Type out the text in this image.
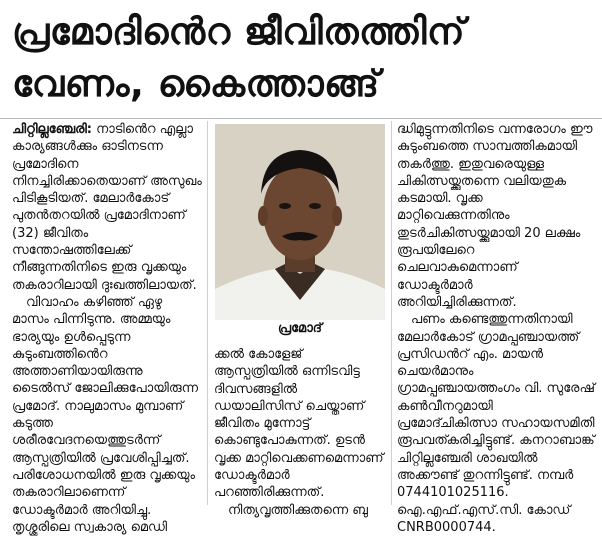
പ്രമോദിൻെറ ജീവിതത്തിന്
വേണം, കൈത്താങ്ങ്

ചിറ്റില്ലഞ്ചേരി: നാടിൻെറ എല്ലാ കാര്യങ്ങൾക്കും ഓടിനടന്ന പ്രമോദിനെ നിനച്ചിരിക്കാതെയാണ് അസുഖം പിടികൂടിയത്. മേലാർകോട് പുതൻതറയിൽ പ്രമോദിനാണ് (32) ജീവിതം സന്തോഷത്തിലേക്ക് നീങ്ങുന്നതിനിടെ ഇരു വൃക്കയും തകരാറിലായി ദുഃഖത്തിലായത്.

വിവാഹം കഴിഞ്ഞ് ഏഴു മാസം പിന്നിടുന്നു. അമ്മയും ഭാര്യയും ഉൾപ്പെടുന്ന കുടുംബത്തിൻെറ അത്താണിയായിരുന്നു ടൈൽസ് ജോലിക്കുപോയിരുന്ന പ്രമോദ്. നാലുമാസം മുമ്പാണ് കടുത്ത ശരീരവേദനയെത്തുടർന്ന് ആസ്പത്രിയിൽ പ്രവേശിപ്പിച്ചത്. പരിശോധനയിൽ ഇരു വൃക്കയും തകരാറിലാണെന്ന് ഡോക്ടർമാർ അറിയിച്ചു. തൃശ്ശൂരിലെ സ്വകാര്യ മെഡി

പ്രമോദ്

ക്കൽ കോളേജ് ആസ്പത്രിയിൽ ഒന്നിടവിട്ട ദിവസങ്ങളിൽ ഡയാലിസിസ് ചെയ്താണ് ജീവിതം മുന്നോട്ട് കൊണ്ടുപോകുന്നത്. ഉടൻ വൃക്ക മാറ്റിവെക്കണമെന്നാണ് ഡോക്ടർമാർ പറഞ്ഞിരിക്കുന്നത്.

നിത്യവൃത്തിക്കുതന്നെ ബു

ദ്ധിമുട്ടുന്നതിനിടെ വന്നരോഗം ഈ കുടുംബത്തെ സാമ്പത്തികമായി തകർത്തു. ഇതുവരെയുള്ള ചികിത്സയ്ക്കുതന്നെ വലിയതുക കടമായി. വൃക്ക മാറ്റിവെക്കുന്നതിനും തുടർചികിത്സയ്ക്കുമായി 20 ലക്ഷം രൂപയിലേറെ ചെലവാകുമെന്നാണ് ഡോക്ടർമാർ അറിയിച്ചിരിക്കുന്നത്.

പണം കണ്ടെത്തുന്നതിനായി മേലാർകോട് ഗ്രാമപ്പഞ്ചായത്ത് പ്രസിഡൻറ് എം. മായൻ ചെയർമാനും ഗ്രാമപ്പഞ്ചായത്തംഗം വി. സുരേഷ് കൺവീനറുമായി പ്രമോദ്ചികിത്സാ സഹായസമിതി രൂപവത്കരിച്ചിട്ടുണ്ട്. കനറാബാങ്ക് ചിറ്റില്ലഞ്ചേരി ശാഖയിൽ അക്കൗണ്ട് തുറന്നിട്ടുണ്ട്. നമ്പർ 0744101025116. ഐ.എഫ്.എസ്.സി. കോഡ് CNRB0000744.
